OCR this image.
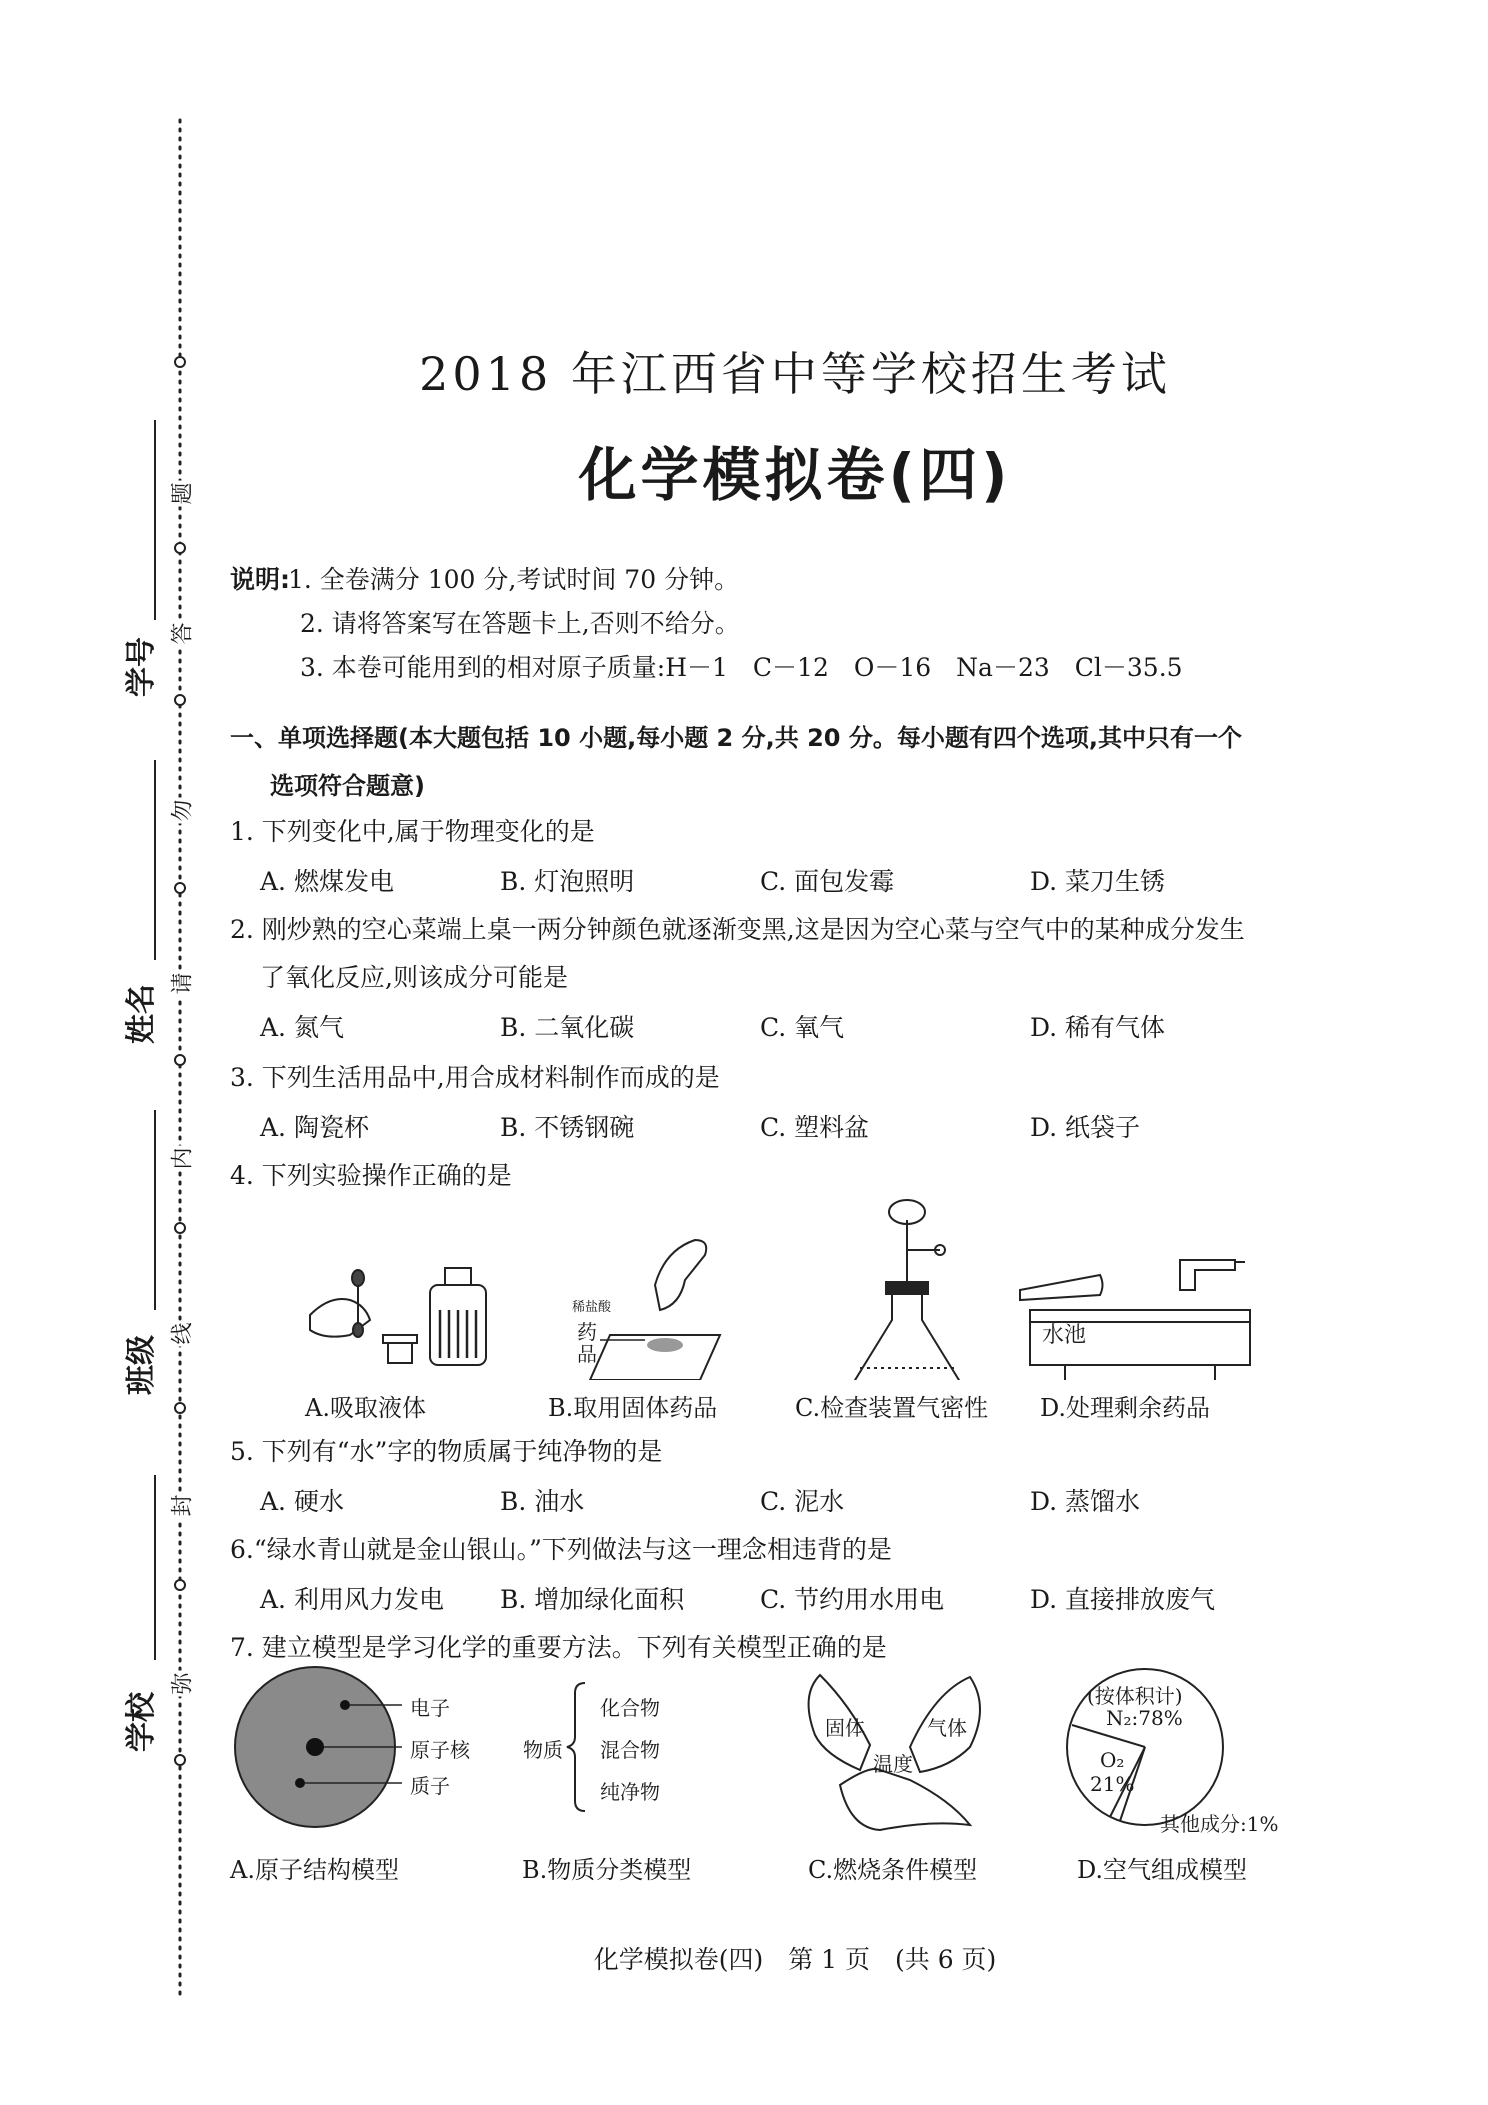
学号
姓名
班级
学校
题
答
勿
请
内
线
封
弥
2018 年江西省中等学校招生考试
化学模拟卷(四)
说明:
1. 全卷满分 100 分,考试时间 70 分钟。
2. 请将答案写在答题卡上,否则不给分。
3. 本卷可能用到的相对原子质量:H－1　C－12　O－16　Na－23　Cl－35.5
一、单项选择题(本大题包括 10 小题,每小题 2 分,共 20 分。每小题有四个选项,其中只有一个
选项符合题意)
1. 下列变化中,属于物理变化的是
A. 燃煤发电	B. 灯泡照明	C. 面包发霉	D. 菜刀生锈
2. 刚炒熟的空心菜端上桌一两分钟颜色就逐渐变黑,这是因为空心菜与空气中的某种成分发生
了氧化反应,则该成分可能是
A. 氮气	B. 二氧化碳	C. 氧气	D. 稀有气体
3. 下列生活用品中,用合成材料制作而成的是
A. 陶瓷杯	B. 不锈钢碗	C. 塑料盆	D. 纸袋子
4. 下列实验操作正确的是
稀盐酸
药
品
水池
A.吸取液体	B.取用固体药品	C.检查装置气密性 D.处理剩余药品
5. 下列有“水”字的物质属于纯净物的是
A. 硬水	B. 油水	C. 泥水	D. 蒸馏水
6.“绿水青山就是金山银山。”下列做法与这一理念相违背的是
A. 利用风力发电 B. 增加绿化面积	C. 节约用水用电	D. 直接排放废气
7. 建立模型是学习化学的重要方法。下列有关模型正确的是
电子
原子核
质子
物质
化合物
混合物
纯净物
固体	气体
温度
(按体积计)
N₂:78%
O₂
21%
其他成分:1%
A.原子结构模型	B.物质分类模型	C.燃烧条件模型	D.空气组成模型
化学模拟卷(四)　第 1 页　(共 6 页)
